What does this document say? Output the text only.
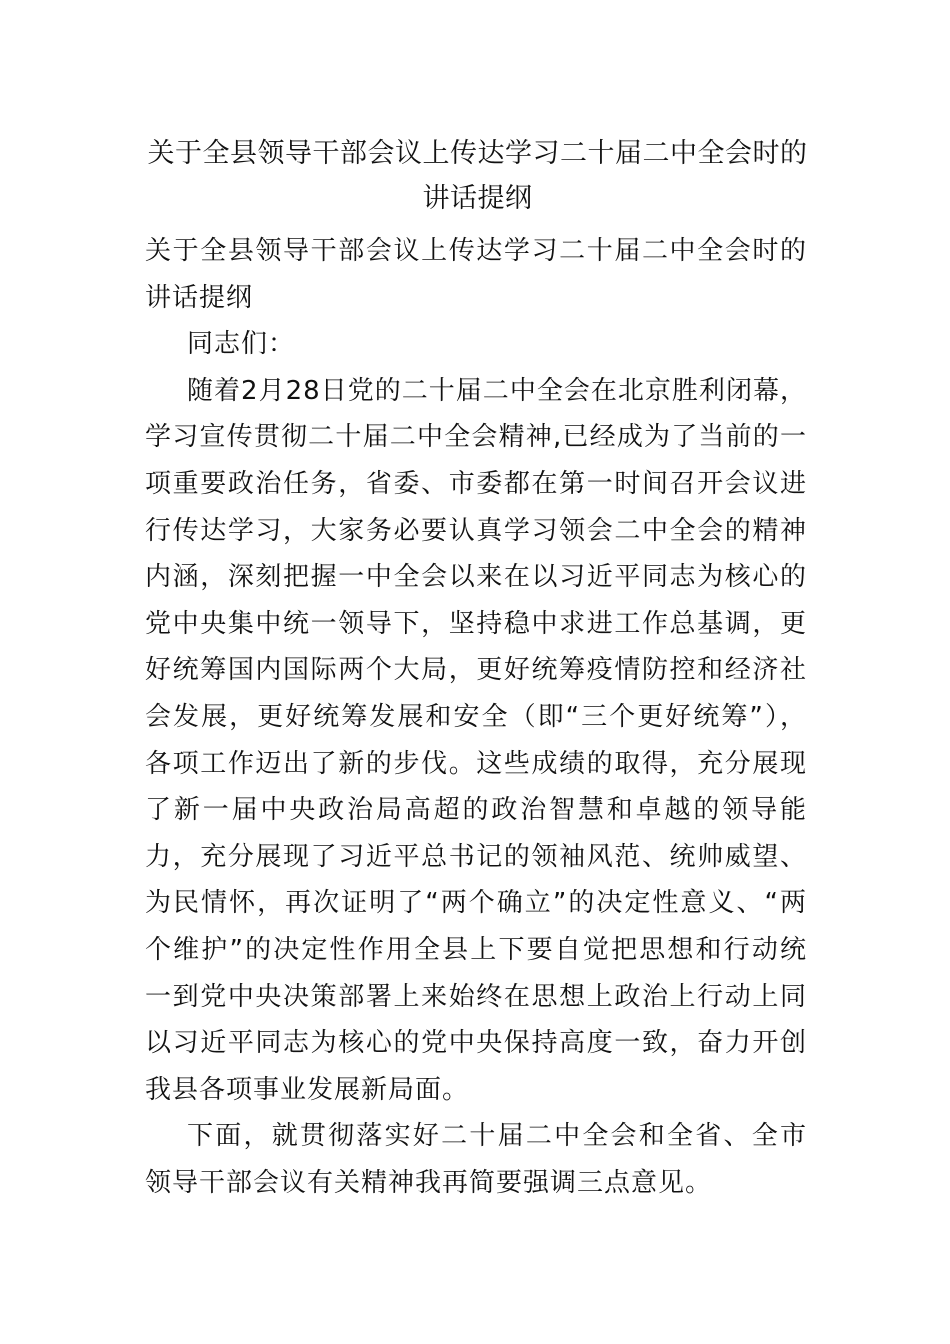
关于全县领导干部会议上传达学习二十届二中全会时的讲话提纲

关于全县领导干部会议上传达学习二十届二中全会时的讲话提纲

同志们：

随着2月28日党的二十届二中全会在北京胜利闭幕，学习宣传贯彻二十届二中全会精神,已经成为了当前的一项重要政治任务，省委、市委都在第一时间召开会议进行传达学习，大家务必要认真学习领会二中全会的精神内涵，深刻把握一中全会以来在以习近平同志为核心的党中央集中统一领导下，坚持稳中求进工作总基调，更好统筹国内国际两个大局，更好统筹疫情防控和经济社会发展，更好统筹发展和安全（即“三个更好统筹”），各项工作迈出了新的步伐。这些成绩的取得，充分展现了新一届中央政治局高超的政治智慧和卓越的领导能力，充分展现了习近平总书记的领袖风范、统帅威望、为民情怀，再次证明了“两个确立”的决定性意义、“两个维护”的决定性作用全县上下要自觉把思想和行动统一到党中央决策部署上来始终在思想上政治上行动上同以习近平同志为核心的党中央保持高度一致，奋力开创我县各项事业发展新局面。

下面，就贯彻落实好二十届二中全会和全省、全市领导干部会议有关精神我再简要强调三点意见。
